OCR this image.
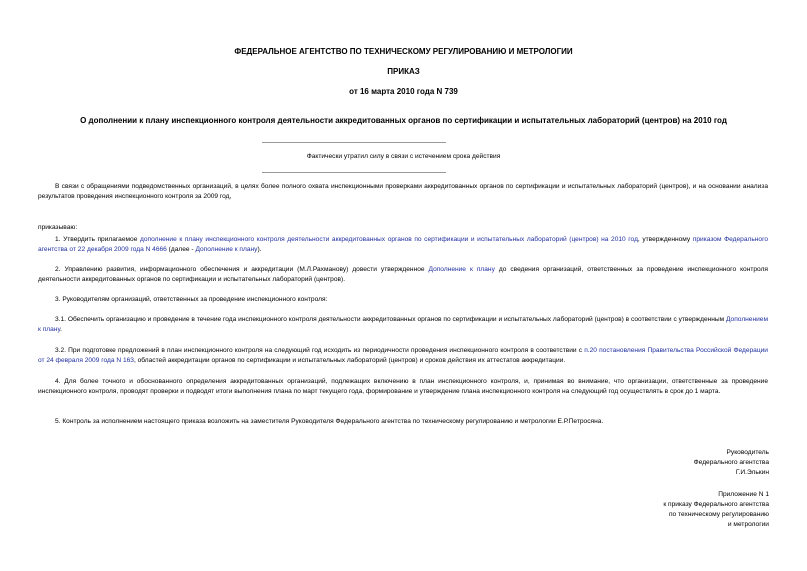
ФЕДЕРАЛЬНОЕ АГЕНТСТВО ПО ТЕХНИЧЕСКОМУ РЕГУЛИРОВАНИЮ И МЕТРОЛОГИИ
ПРИКАЗ
от 16 марта 2010 года N 739
О дополнении к плану инспекционного контроля деятельности аккредитованных органов по сертификации и испытательных лабораторий (центров) на 2010 год
Фактически утратил силу в связи с истечением срока действия
В связи с обращениями подведомственных организаций, в целях более полного охвата инспекционными проверками аккредитованных органов по сертификации и испытательных лабораторий (центров), и на основании анализа результатов проведения инспекционного контроля за 2009 год,
приказываю:
1. Утвердить прилагаемое дополнение к плану инспекционного контроля деятельности аккредитованных органов по сертификации и испытательных лабораторий (центров) на 2010 год, утвержденному приказом Федерального агентства от 22 декабря 2009 года N 4666 (далее - Дополнение к плану).
2. Управлению развития, информационного обеспечения и аккредитации (М.Л.Рахманову) довести утвержденное Дополнение к плану до сведения организаций, ответственных за проведение инспекционного контроля деятельности аккредитованных органов по сертификации и испытательных лабораторий (центров).
3. Руководителям организаций, ответственных за проведение инспекционного контроля:
3.1. Обеспечить организацию и проведение в течение года инспекционного контроля деятельности аккредитованных органов по сертификации и испытательных лабораторий (центров) в соответствии с утвержденным Дополнением к плану.
3.2. При подготовке предложений в план инспекционного контроля на следующий год исходить из периодичности проведения инспекционного контроля в соответствии с п.20 постановления Правительства Российской Федерации от 24 февраля 2009 года N 163, областей аккредитации органов по сертификации и испытательных лабораторий (центров) и сроков действия их аттестатов аккредитации.
4. Для более точного и обоснованного определения аккредитованных организаций, подлежащих включению в план инспекционного контроля, и, принимая во внимание, что организации, ответственные за проведение инспекционного контроля, проводят проверки и подводят итоги выполнения плана по март текущего года, формирование и утверждение плана инспекционного контроля на следующий год осуществлять в срок до 1 марта.
5. Контроль за исполнением настоящего приказа возложить на заместителя Руководителя Федерального агентства по техническому регулированию и метрологии Е.Р.Петросяна.
Руководитель
Федерального агентства
Г.И.Элькин
Приложение N 1
к приказу Федерального агентства
по техническому регулированию
и метрологии
